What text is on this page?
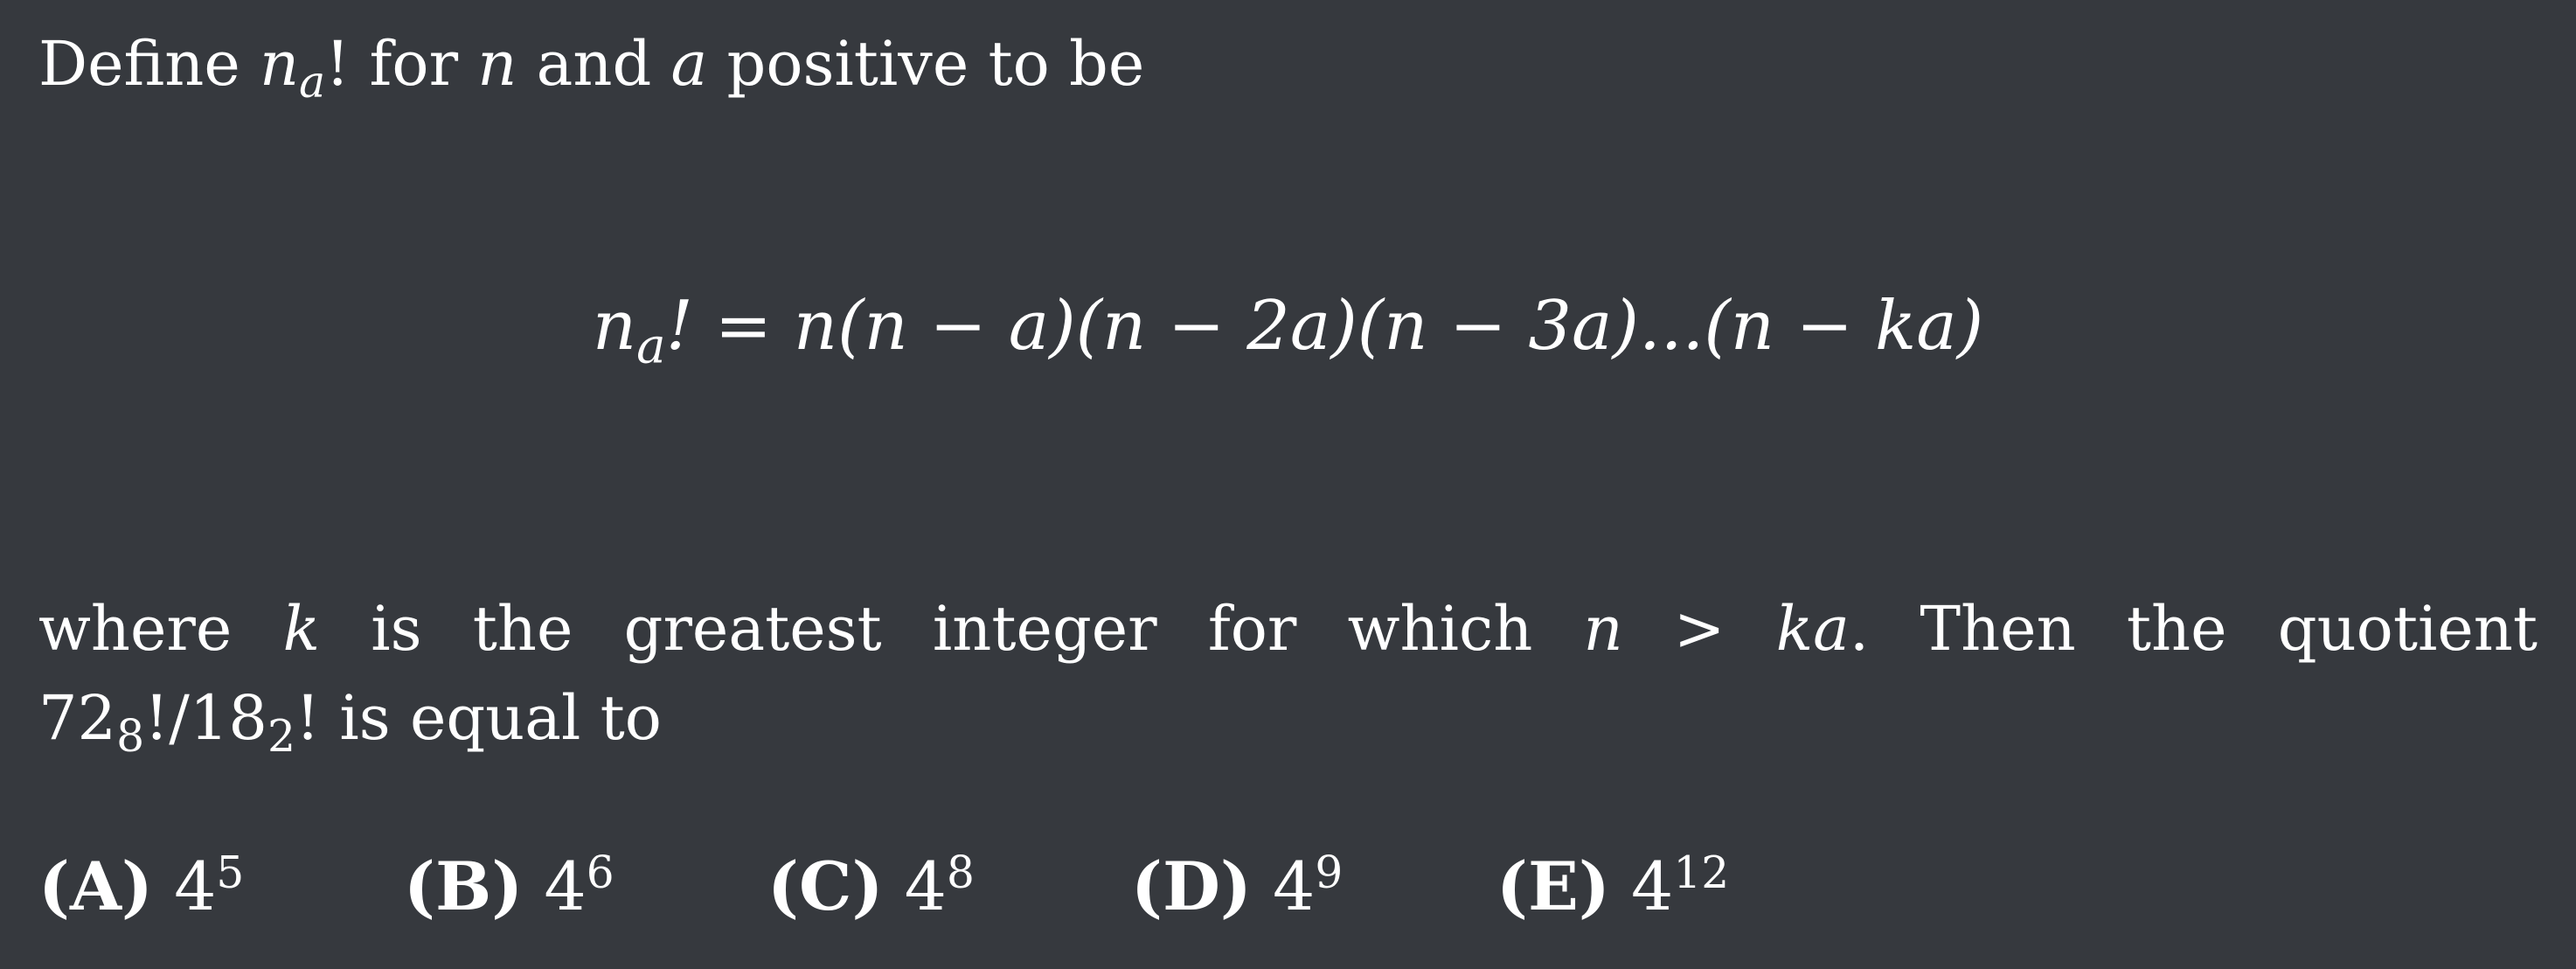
Define $n_a$! for n and a positive to be
$n_a$! = n(n − a)(n − 2a)(n − 3a)...(n − ka)
where k is the greatest integer for which n > ka. Then the quotient
$72_8!/18_2$! is equal to
(A) $4^5$ (B) $4^6$ (C) $4^8$ (D) $4^9$ (E) $4^{12}$
